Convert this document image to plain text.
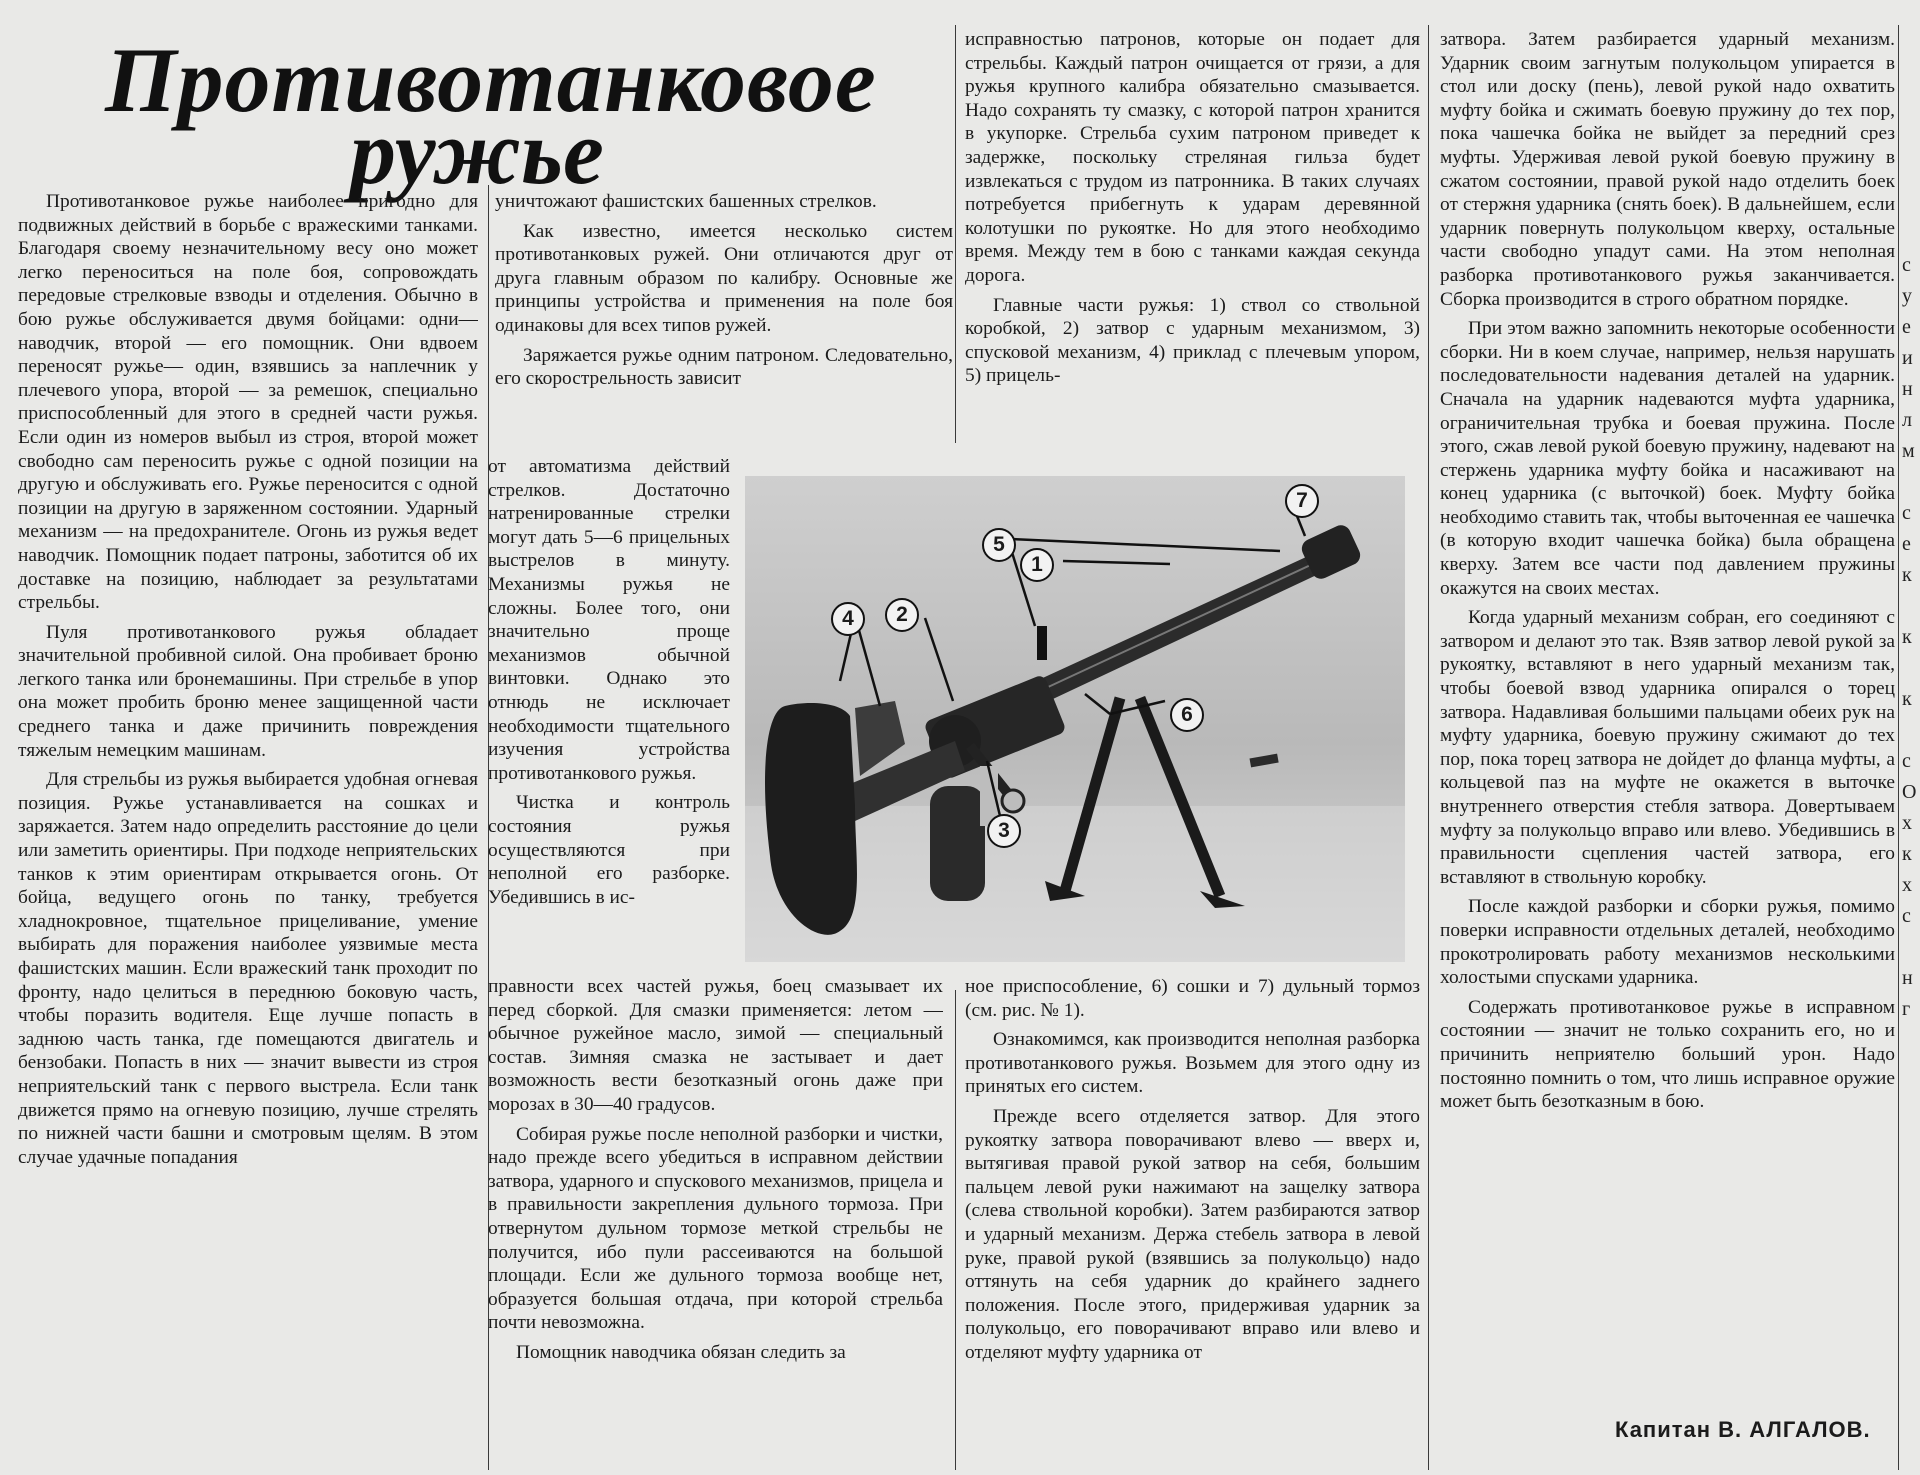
Противотанковое
ружье

Противотанковое ружье наиболее пригодно для подвижных действий в борьбе с вражескими танками. Благодаря своему незначительному весу оно может легко переноситься на поле боя, сопровождать передовые стрелковые взводы и отделения. Обычно в бою ружье обслуживается двумя бойцами: одни—наводчик, второй — его помощник. Они вдвоем переносят ружье— один, взявшись за наплечник у плечевого упора, второй — за ремешок, специально приспособленный для этого в средней части ружья. Если один из номеров выбыл из строя, второй может свободно сам переносить ружье с одной позиции на другую и обслуживать его. Ружье переносится с одной позиции на другую в заряженном состоянии. Ударный механизм — на предохранителе. Огонь из ружья ведет наводчик. Помощник подает патроны, заботится об их доставке на позицию, наблюдает за результатами стрельбы.

Пуля противотанкового ружья обладает значительной пробивной силой. Она пробивает броню легкого танка или бронемашины. При стрельбе в упор она может пробить броню менее защищенной части среднего танка и даже причинить повреждения тяжелым немецким машинам.

Для стрельбы из ружья выбирается удобная огневая позиция. Ружье устанавливается на сошках и заряжается. Затем надо определить расстояние до цели или заметить ориентиры. При подходе неприятельских танков к этим ориентирам открывается огонь. От бойца, ведущего огонь по танку, требуется хладнокровное, тщательное прицеливание, умение выбирать для поражения наиболее уязвимые места фашистских машин. Если вражеский танк проходит по фронту, надо целиться в переднюю боковую часть, чтобы поразить водителя. Еще лучше попасть в заднюю часть танка, где помещаются двигатель и бензобаки. Попасть в них — значит вывести из строя неприятельский танк с первого выстрела. Если танк движется прямо на огневую позицию, лучше стрелять по нижней части башни и смотровым щелям. В этом случае удачные попадания

уничтожают фашистских башенных стрелков.

Как известно, имеется несколько систем противотанковых ружей. Они отличаются друг от друга главным образом по калибру. Основные же принципы устройства и применения на поле боя одинаковы для всех типов ружей.

Заряжается ружье одним патроном. Следовательно, его скорострельность зависит

от автоматизма действий стрелков. Достаточно натренированные стрелки могут дать 5—6 прицельных выстрелов в минуту. Механизмы ружья не сложны. Более того, они значительно проще механизмов обычной винтовки. Однако это отнюдь не исключает необходимости тщательного изучения устройства противотанкового ружья.

Чистка и контроль состояния ружья осуществляются при неполной его разборке. Убедившись в ис-

правности всех частей ружья, боец смазывает их перед сборкой. Для смазки применяется: летом — обычное ружейное масло, зимой — специальный состав. Зимняя смазка не застывает и дает возможность вести безотказный огонь даже при морозах в 30—40 градусов.

Собирая ружье после неполной разборки и чистки, надо прежде всего убедиться в исправном действии затвора, ударного и спускового механизмов, прицела и в правильности закрепления дульного тормоза. При отвернутом дульном тормозе меткой стрельбы не получится, ибо пули рассеиваются на большой площади. Если же дульного тормоза вообще нет, образуется большая отдача, при которой стрельба почти невозможна.

Помощник наводчика обязан следить за

исправностью патронов, которые он подает для стрельбы. Каждый патрон очищается от грязи, а для ружья крупного калибра обязательно смазывается. Надо сохранять ту смазку, с которой патрон хранится в укупорке. Стрельба сухим патроном приведет к задержке, поскольку стреляная гильза будет извлекаться с трудом из патронника. В таких случаях потребуется прибегнуть к ударам деревянной колотушки по рукоятке. Но для этого необходимо время. Между тем в бою с танками каждая секунда дорога.

Главные части ружья: 1) ствол со ствольной коробкой, 2) затвор с ударным механизмом, 3) спусковой механизм, 4) приклад с плечевым упором, 5) прицель-

ное приспособление, 6) сошки и 7) дульный тормоз (см. рис. № 1).

Ознакомимся, как производится неполная разборка противотанкового ружья. Возьмем для этого одну из принятых его систем.

Прежде всего отделяется затвор. Для этого рукоятку затвора поворачивают влево — вверх и, вытягивая правой рукой затвор на себя, большим пальцем левой руки нажимают на защелку затвора (слева ствольной коробки). Затем разбираются затвор и ударный механизм. Держа стебель затвора в левой руке, правой рукой (взявшись за полукольцо) надо оттянуть на себя ударник до крайнего заднего положения. После этого, придерживая ударник за полукольцо, его поворачивают вправо или влево и отделяют муфту ударника от

затвора. Затем разбирается ударный механизм. Ударник своим загнутым полукольцом упирается в стол или доску (пень), левой рукой надо охватить муфту бойка и сжимать боевую пружину до тех пор, пока чашечка бойка не выйдет за передний срез муфты. Удерживая левой рукой боевую пружину в сжатом состоянии, правой рукой надо отделить боек от стержня ударника (снять боек). В дальнейшем, если ударник повернуть полукольцом кверху, остальные части свободно упадут сами. На этом неполная разборка противотанкового ружья заканчивается. Сборка производится в строго обратном порядке.

При этом важно запомнить некоторые особенности сборки. Ни в коем случае, например, нельзя нарушать последовательности надевания деталей на ударник. Сначала на ударник надеваются муфта ударника, ограничительная трубка и боевая пружина. После этого, сжав левой рукой боевую пружину, надевают на стержень ударника муфту бойка и насаживают на конец ударника (с выточкой) боек. Муфту бойка необходимо ставить так, чтобы выточенная ее чашечка (в которую входит чашечка бойка) была обращена кверху. Затем все части под давлением пружины окажутся на своих местах.

Когда ударный механизм собран, его соединяют с затвором и делают это так. Взяв затвор левой рукой за рукоятку, вставляют в него ударный механизм так, чтобы боевой взвод ударника опирался о торец затвора. Надавливая большими пальцами обеих рук на муфту ударника, боевую пружину сжимают до тех пор, пока торец затвора не дойдет до фланца муфты, а кольцевой паз на муфте не окажется в выточке внутреннего отверстия стебля затвора. Довертываем муфту за полукольцо вправо или влево. Убедившись в правильности сцепления частей затвора, его вставляют в ствольную коробку.

После каждой разборки и сборки ружья, помимо поверки исправности отдельных деталей, необходимо прокотролировать работу механизмов несколькими холостыми спусками ударника.

Содержать противотанковое ружье в исправном состоянии — значит не только сохранить его, но и причинить неприятелю больший урон. Надо постоянно помнить о том, что лишь исправное оружие может быть безотказным в бою.

Капитан В. АЛГАЛОВ.
с
у
е
и
н
л
м

с
е
к

к

к

с
О
х
к
х
с

н
г
1
2
3
4
5
6
7
